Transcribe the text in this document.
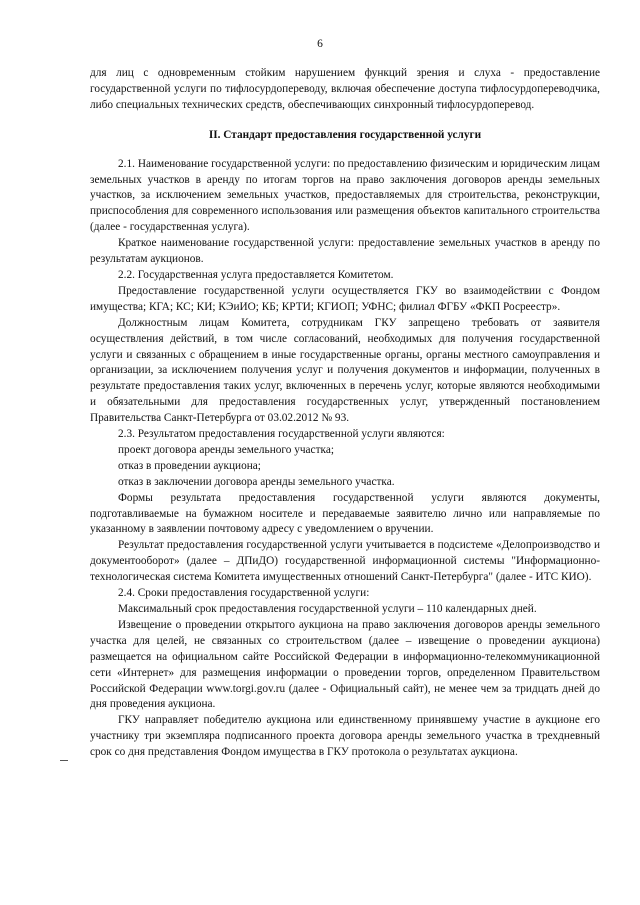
6

для лиц с одновременным стойким нарушением функций зрения и слуха - предоставление государственной услуги по тифлосурдопереводу, включая обеспечение доступа тифлосурдопереводчика, либо специальных технических средств, обеспечивающих синхронный тифлосурдоперевод.

II. Стандарт предоставления государственной услуги

2.1. Наименование государственной услуги: по предоставлению физическим и юридическим лицам земельных участков в аренду по итогам торгов на право заключения договоров аренды земельных участков, за исключением земельных участков, предоставляемых для строительства, реконструкции, приспособления для современного использования или размещения объектов капитального строительства (далее - государственная услуга).

Краткое наименование государственной услуги: предоставление земельных участков в аренду по результатам аукционов.

2.2. Государственная услуга предоставляется Комитетом.

Предоставление государственной услуги осуществляется ГКУ во взаимодействии с Фондом имущества; КГА; КС; КИ; КЭиИО; КБ; КРТИ; КГИОП; УФНС; филиал ФГБУ «ФКП Росреестр».

Должностным лицам Комитета, сотрудникам ГКУ запрещено требовать от заявителя осуществления действий, в том числе согласований, необходимых для получения государственной услуги и связанных с обращением в иные государственные органы, органы местного самоуправления и организации, за исключением получения услуг и получения документов и информации, полученных в результате предоставления таких услуг, включенных в перечень услуг, которые являются необходимыми и обязательными для предоставления государственных услуг, утвержденный постановлением Правительства Санкт-Петербурга от 03.02.2012 № 93.

2.3. Результатом предоставления государственной услуги являются:

проект договора аренды земельного участка;

отказ в проведении аукциона;

отказ в заключении договора аренды земельного участка.

Формы результата предоставления государственной услуги являются документы, подготавливаемые на бумажном носителе и передаваемые заявителю лично или направляемые по указанному в заявлении почтовому адресу с уведомлением о вручении.

Результат предоставления государственной услуги учитывается в подсистеме «Делопроизводство и документооборот» (далее – ДПиДО) государственной информационной системы "Информационно-технологическая система Комитета имущественных отношений Санкт-Петербурга" (далее - ИТС КИО).

2.4. Сроки предоставления государственной услуги:

Максимальный срок предоставления государственной услуги – 110 календарных дней.

Извещение о проведении открытого аукциона на право заключения договоров аренды земельного участка для целей, не связанных со строительством (далее – извещение о проведении аукциона) размещается на официальном сайте Российской Федерации в информационно-телекоммуникационной сети «Интернет» для размещения информации о проведении торгов, определенном Правительством Российской Федерации www.torgi.gov.ru (далее - Официальный сайт), не менее чем за тридцать дней до дня проведения аукциона.

ГКУ направляет победителю аукциона или единственному принявшему участие в аукционе его участнику три экземпляра подписанного проекта договора аренды земельного участка в трехдневный срок со дня представления Фондом имущества в ГКУ протокола о результатах аукциона.
